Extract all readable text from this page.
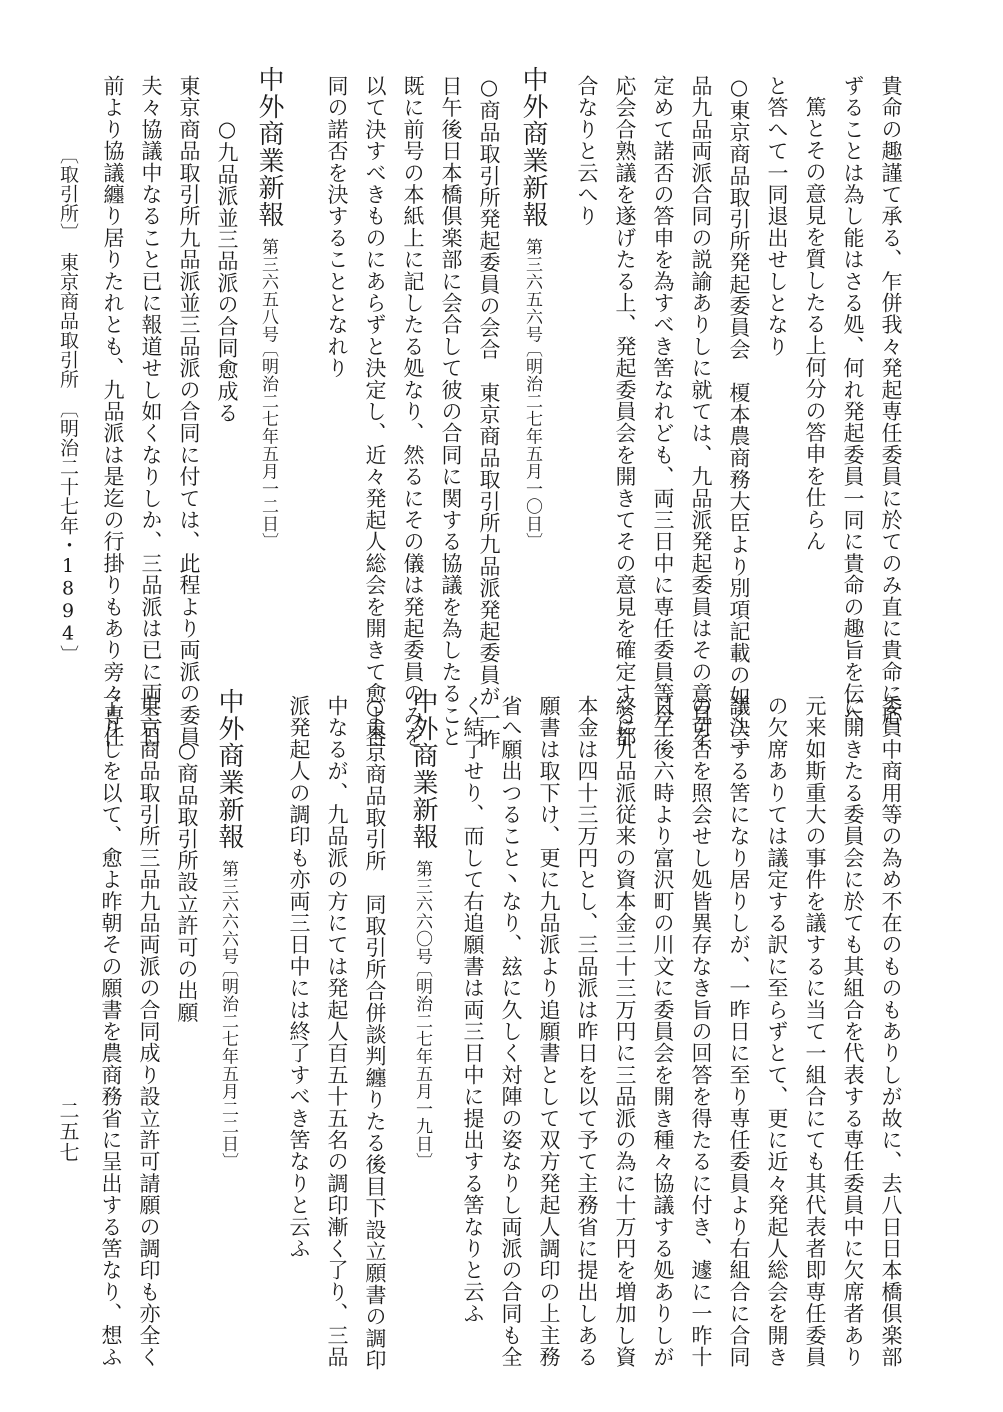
貴命の趣謹て承る、乍併我々発起専任委員に於てのみ直に貴命に応
ずることは為し能はさる処、何れ発起委員一同に貴命の趣旨を伝へ
篤とその意見を質したる上何分の答申を仕らん
と答へて一同退出せしとなり
○東京商品取引所発起委員会　榎本農商務大臣より別項記載の如く三
品九品両派合同の説諭ありしに就ては、九品派発起委員はその意見を
定めて諾否の答申を為すべき筈なれども、両三日中に専任委員等今一
応会合熟議を遂げたる上、発起委員会を開きてその意見を確定する都
合なりと云へり
中外商業新報
第三六五六号
〔明治二七年五月一〇日〕
○商品取引所発起委員の会合　東京商品取引所九品派発起委員が一昨
日午後日本橋倶楽部に会合して彼の合同に関する協議を為したること
既に前号の本紙上に記したる処なり、然るにその儀は発起委員のみを
以て決すべきものにあらずと決定し、近々発起人総会を開きて愈よ合
同の諾否を決することとなれり
中外商業新報
第三六五八号
〔明治二七年五月一二日〕
○九品派並三品派の合同愈成る
東京商品取引所九品派並三品派の合同に付ては、此程より両派の委員
夫々協議中なること已に報道せし如くなりしか、三品派は已に両三日
前より協議纏り居りたれとも、九品派は是迄の行掛りもあり旁々専任
〔取引所〕　東京商品取引所　〔明治二十七年・1894〕
委員中商用等の為め不在のものもありしが故に、去八日日本橋倶楽部
に開きたる委員会に於ても其組合を代表する専任委員中に欠席者あり
元来如斯重大の事件を議するに当て一組合にても其代表者即専任委員
の欠席ありては議定する訳に至らずとて、更に近々発起人総会を開き
議決する筈になり居りしが、一昨日に至り専任委員より右組合に合同
の可否を照会せし処皆異存なき旨の回答を得たるに付き、遽に一昨十
日午後六時より富沢町の川文に委員会を開き種々協議する処ありしが
終に九品派従来の資本金三十三万円に三品派の為に十万円を増加し資
本金は四十三万円とし、三品派は昨日を以て予て主務省に提出しある
願書は取下け、更に九品派より追願書として双方発起人調印の上主務
省へ願出つること丶なり、玆に久しく対陣の姿なりし両派の合同も全
く結了せり、而して右追願書は両三日中に提出する筈なりと云ふ
中外商業新報
第三六六〇号
〔明治二七年五月一九日〕
○東京商品取引所　同取引所合併談判纏りたる後目下設立願書の調印
中なるが、九品派の方にては発起人百五十五名の調印漸く了り、三品
派発起人の調印も亦両三日中には終了すべき筈なりと云ふ
中外商業新報
第三六六六号
〔明治二七年五月二二日〕
○商品取引所設立許可の出願
東京商品取引所三品九品両派の合同成り設立許可請願の調印も亦全く
了りしを以て、愈よ昨朝その願書を農商務省に呈出する筈なり、想ふ
二五七
